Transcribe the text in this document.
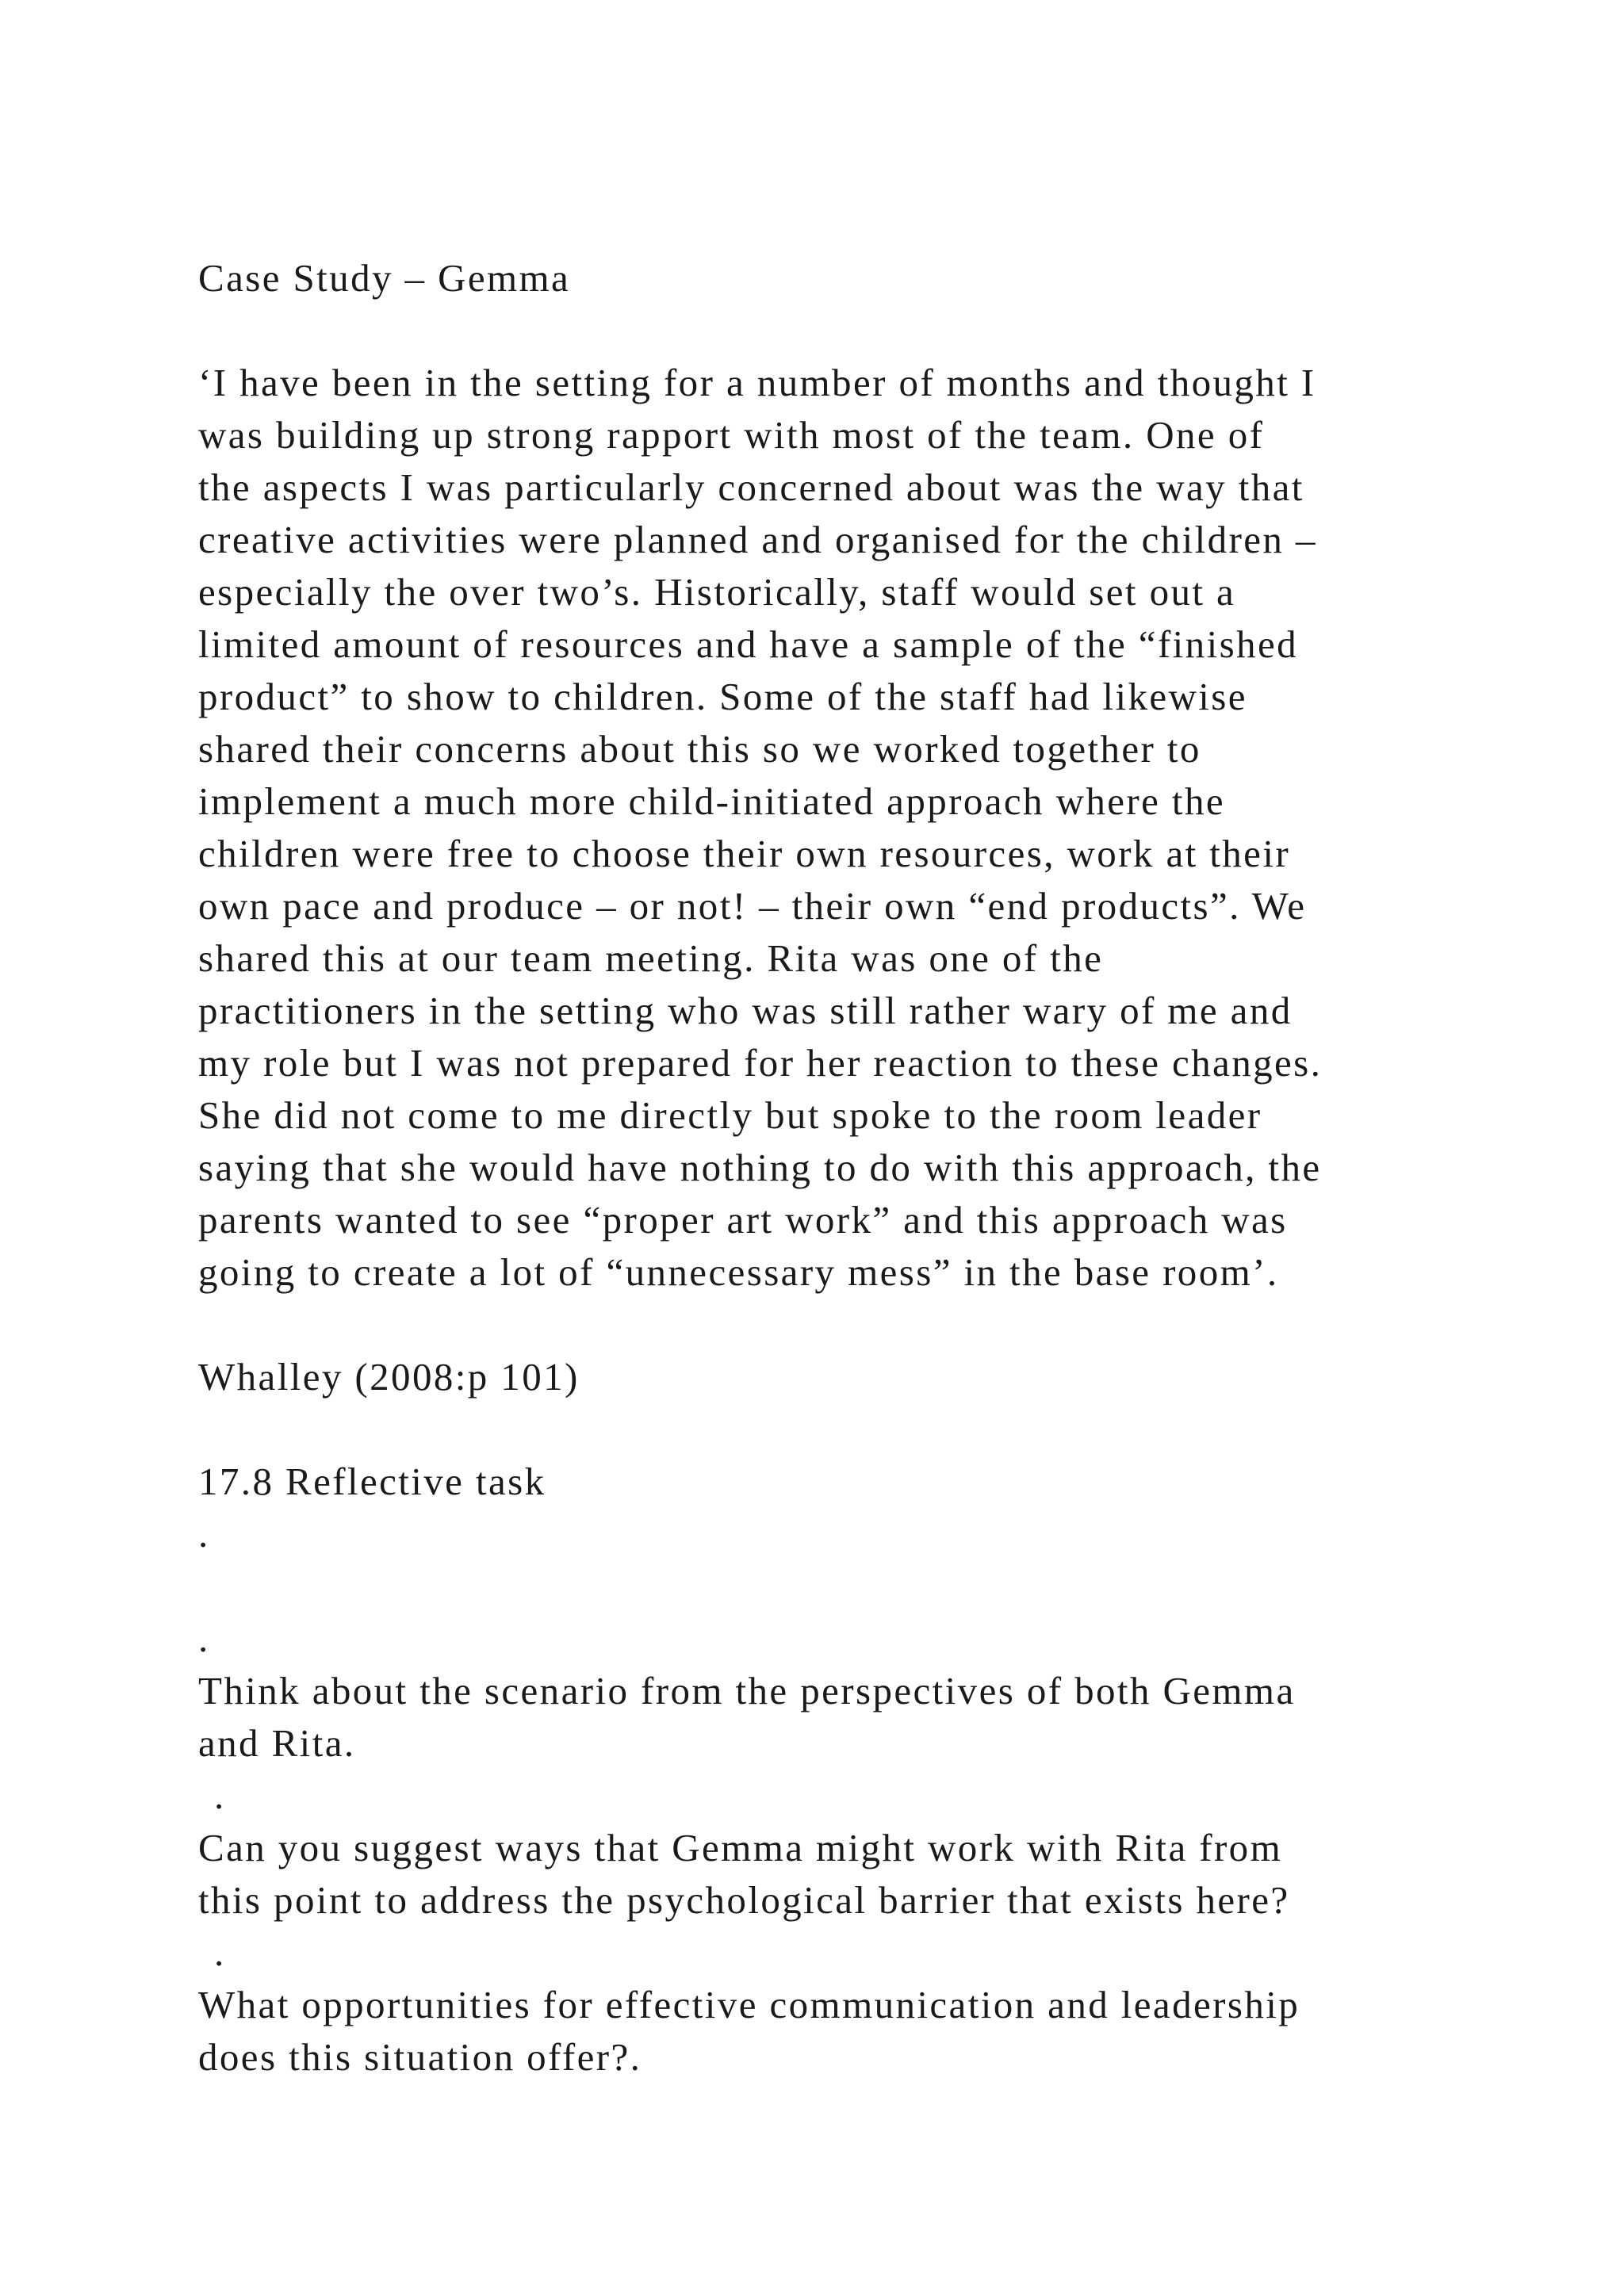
Case Study – Gemma
‘I have been in the setting for a number of months and thought I
was building up strong rapport with most of the team. One of
the aspects I was particularly concerned about was the way that
creative activities were planned and organised for the children –
especially the over two’s. Historically, staff would set out a
limited amount of resources and have a sample of the “finished
product” to show to children. Some of the staff had likewise
shared their concerns about this so we worked together to
implement a much more child-initiated approach where the
children were free to choose their own resources, work at their
own pace and produce – or not! – their own “end products”. We
shared this at our team meeting. Rita was one of the
practitioners in the setting who was still rather wary of me and
my role but I was not prepared for her reaction to these changes.
She did not come to me directly but spoke to the room leader
saying that she would have nothing to do with this approach, the
parents wanted to see “proper art work” and this approach was
going to create a lot of “unnecessary mess” in the base room’.
Whalley (2008:p 101)
17.8 Reflective task
.
.
Think about the scenario from the perspectives of both Gemma
and Rita.
.
Can you suggest ways that Gemma might work with Rita from
this point to address the psychological barrier that exists here?
.
What opportunities for effective communication and leadership
does this situation offer?.
